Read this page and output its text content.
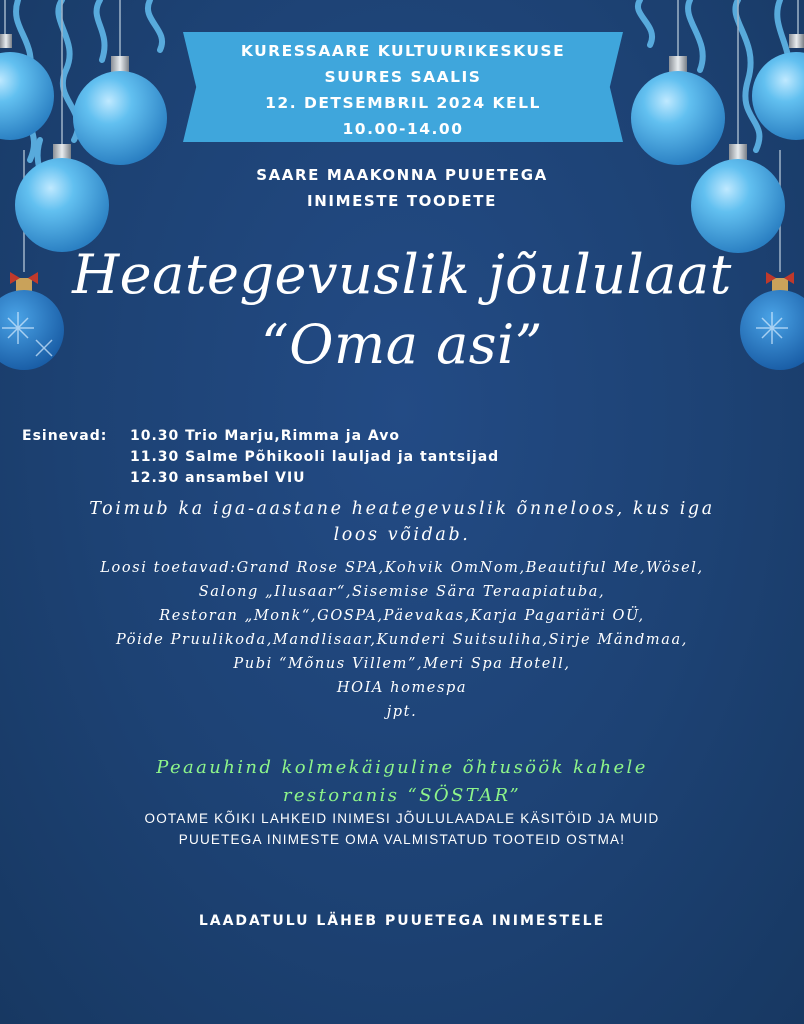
KURESSAARE KULTUURIKESKUSE
SUURES SAALIS
12. DETSEMBRIL 2024 KELL
10.00-14.00
SAARE MAAKONNA PUUETEGA
INIMESTE TOODETE
Heategevuslik jõululaat
“Oma asi”
Esinevad: 10.30 Trio Marju,Rimma ja Avo
11.30 Salme Põhikooli lauljad ja tantsijad
12.30 ansambel VIU
Toimub ka iga-aastane heategevuslik õnneloos, kus iga
loos võidab.
Loosi toetavad:Grand Rose SPA,Kohvik OmNom,Beautiful Me,Wösel,
Salong „Ilusaar“,Sisemise Sära Teraapiatuba,
Restoran „Monk“,GOSPA,Päevakas,Karja Pagariäri OÜ,
Pöide Pruulikoda,Mandlisaar,Kunderi Suitsuliha,Sirje Mändmaa,
Pubi “Mõnus Villem”,Meri Spa Hotell,
HOIA homespa
jpt.
Peaauhind kolmekäiguline õhtusöök kahele
restoranis “SÖSTAR”
OOTAME KÕIKI LAHKEID INIMESI JÕULULAADALE KÄSITÖID JA MUID
PUUETEGA INIMESTE OMA VALMISTATUD TOOTEID OSTMA!
LAADATULU LÄHEB PUUETEGA INIMESTELE
